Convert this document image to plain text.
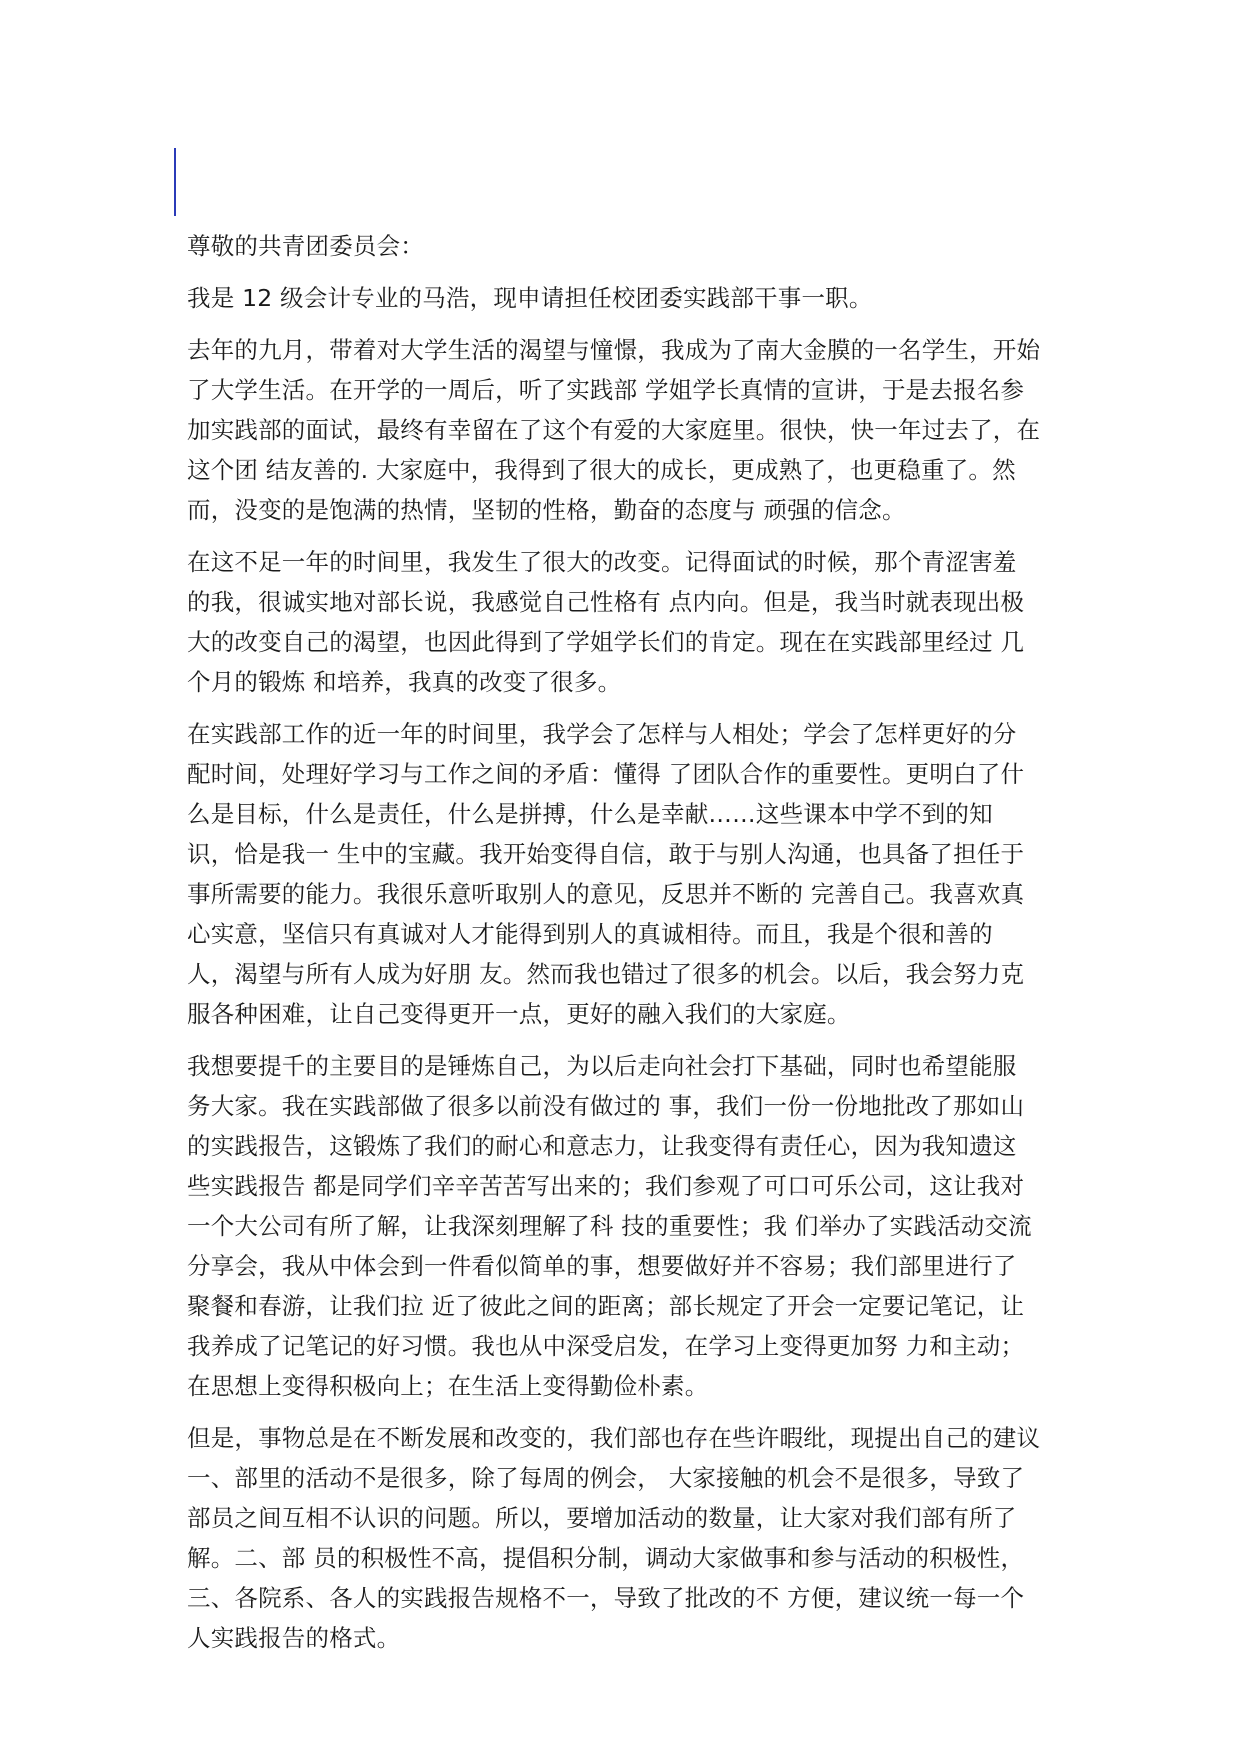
尊敬的共青团委员会：
我是 12 级会计专业的马浩，现申请担任校团委实践部干事一职。
去年的九月，带着对大学生活的渴望与憧憬，我成为了南大金膜的一名学生，开始
了大学生活。在开学的一周后，听了实践部 学姐学长真情的宣讲，于是去报名参
加实践部的面试，最终有幸留在了这个有爱的大家庭里。很快，快一年过去了，在
这个团 结友善的. 大家庭中，我得到了很大的成长，更成熟了，也更稳重了。然
而，没变的是饱满的热情，坚韧的性格，勤奋的态度与 顽强的信念。
在这不足一年的时间里，我发生了很大的改变。记得面试的时候，那个青涩害羞
的我，很诚实地对部长说，我感觉自己性格有 点内向。但是，我当时就表现出极
大的改变自己的渴望，也因此得到了学姐学长们的肯定。现在在实践部里经过 几
个月的锻炼 和培养，我真的改变了很多。
在实践部工作的近一年的时间里，我学会了怎样与人相处；学会了怎样更好的分
配时间，处理好学习与工作之间的矛盾：懂得 了团队合作的重要性。更明白了什
么是目标，什么是责任，什么是拼搏，什么是幸献……这些课本中学不到的知
识，恰是我一 生中的宝藏。我开始变得自信，敢于与别人沟通，也具备了担任于
事所需要的能力。我很乐意听取别人的意见，反思并不断的 完善自己。我喜欢真
心实意，坚信只有真诚对人才能得到别人的真诚相待。而且，我是个很和善的
人，渴望与所有人成为好朋 友。然而我也错过了很多的机会。以后，我会努力克
服各种困难，让自己变得更开一点，更好的融入我们的大家庭。
我想要提千的主要目的是锤炼自己，为以后走向社会打下基础，同时也希望能服
务大家。我在实践部做了很多以前没有做过的 事，我们一份一份地批改了那如山
的实践报告，这锻炼了我们的耐心和意志力，让我变得有责任心，因为我知遗这
些实践报告 都是同学们辛辛苦苦写出来的；我们参观了可口可乐公司，这让我对
一个大公司有所了解，让我深刻理解了科 技的重要性；我 们举办了实践活动交流
分享会，我从中体会到一件看似简单的事，想要做好并不容易；我们部里进行了
聚餐和春游，让我们拉 近了彼此之间的距离；部长规定了开会一定要记笔记，让
我养成了记笔记的好习惯。我也从中深受启发，在学习上变得更加努 力和主动；
在思想上变得积极向上；在生活上变得勤俭朴素。
但是，事物总是在不断发展和改变的，我们部也存在些许暇纰，现提出自己的建议
一、部里的活动不是很多，除了每周的例会， 大家接触的机会不是很多，导致了
部员之间互相不认识的问题。所以，要增加活动的数量，让大家对我们部有所了
解。二、部 员的积极性不高，提倡积分制，调动大家做事和参与活动的积极性，
三、各院系、各人的实践报告规格不一，导致了批改的不 方便，建议统一每一个
人实践报告的格式。
